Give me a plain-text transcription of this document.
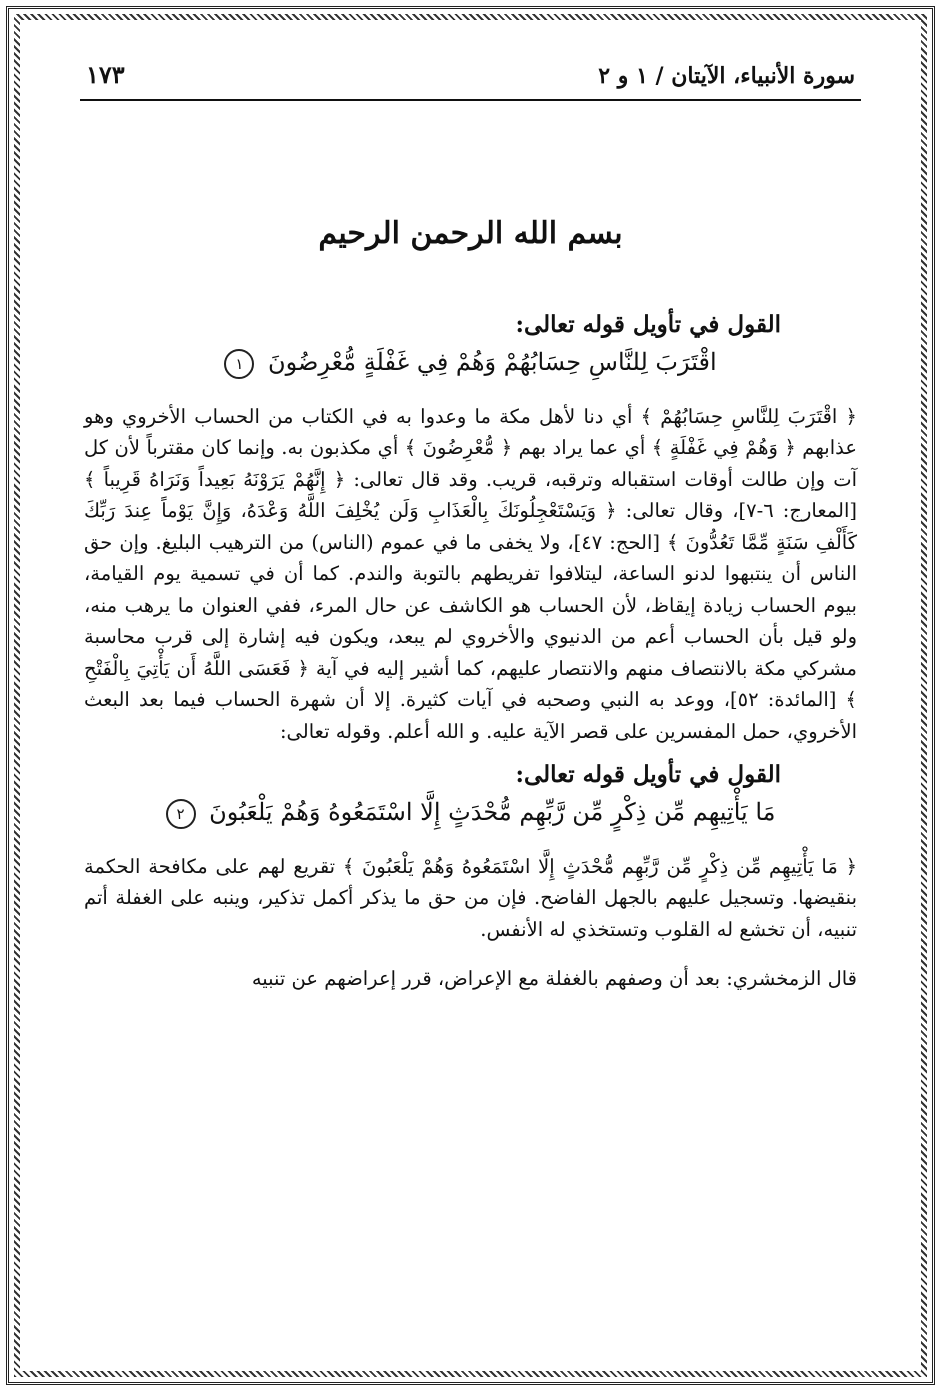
سورة الأنبياء، الآيتان / ١ و ٢
١٧٣
بسم الله الرحمن الرحيم
القول في تأويل قوله تعالى:
اقْتَرَبَ لِلنَّاسِ حِسَابُهُمْ وَهُمْ فِي غَفْلَةٍ مُّعْرِضُونَ ١

﴿ اقْتَرَبَ لِلنَّاسِ حِسَابُهُمْ ﴾ أي دنا لأهل مكة ما وعدوا به في الكتاب من الحساب الأخروي وهو عذابهم ﴿ وَهُمْ فِي غَفْلَةٍ ﴾ أي عما يراد بهم ﴿ مُّعْرِضُونَ ﴾ أي مكذبون به. وإنما كان مقترباً لأن كل آت وإن طالت أوقات استقباله وترقبه، قريب. وقد قال تعالى: ﴿ إِنَّهُمْ يَرَوْنَهُ بَعِيداً وَنَرَاهُ قَرِيباً ﴾ [المعارج: ٦-٧]، وقال تعالى: ﴿ وَيَسْتَعْجِلُونَكَ بِالْعَذَابِ وَلَن يُخْلِفَ اللَّهُ وَعْدَهُ، وَإِنَّ يَوْماً عِندَ رَبِّكَ كَأَلْفِ سَنَةٍ مِّمَّا تَعُدُّونَ ﴾ [الحج: ٤٧]، ولا يخفى ما في عموم (الناس) من الترهيب البليغ. وإن حق الناس أن ينتبهوا لدنو الساعة، ليتلافوا تفريطهم بالتوبة والندم. كما أن في تسمية يوم القيامة، بيوم الحساب زيادة إيقاظ، لأن الحساب هو الكاشف عن حال المرء، ففي العنوان ما يرهب منه، ولو قيل بأن الحساب أعم من الدنيوي والأخروي لم يبعد، ويكون فيه إشارة إلى قرب محاسبة مشركي مكة بالانتصاف منهم والانتصار عليهم، كما أشير إليه في آية ﴿ فَعَسَى اللَّهُ أَن يَأْتِيَ بِالْفَتْحِ ﴾ [المائدة: ٥٢]، ووعد به النبي وصحبه في آيات كثيرة. إلا أن شهرة الحساب فيما بعد البعث الأخروي، حمل المفسرين على قصر الآية عليه. و الله أعلم. وقوله تعالى:

القول في تأويل قوله تعالى:
مَا يَأْتِيهِم مِّن ذِكْرٍ مِّن رَّبِّهِم مُّحْدَثٍ إِلَّا اسْتَمَعُوهُ وَهُمْ يَلْعَبُونَ ٢

﴿ مَا يَأْتِيهِم مِّن ذِكْرٍ مِّن رَّبِّهِم مُّحْدَثٍ إِلَّا اسْتَمَعُوهُ وَهُمْ يَلْعَبُونَ ﴾ تقريع لهم على مكافحة الحكمة بنقيضها. وتسجيل عليهم بالجهل الفاضح. فإن من حق ما يذكر أكمل تذكير، وينبه على الغفلة أتم تنبيه، أن تخشع له القلوب وتستخذي له الأنفس.

قال الزمخشري: بعد أن وصفهم بالغفلة مع الإعراض، قرر إعراضهم عن تنبيه
